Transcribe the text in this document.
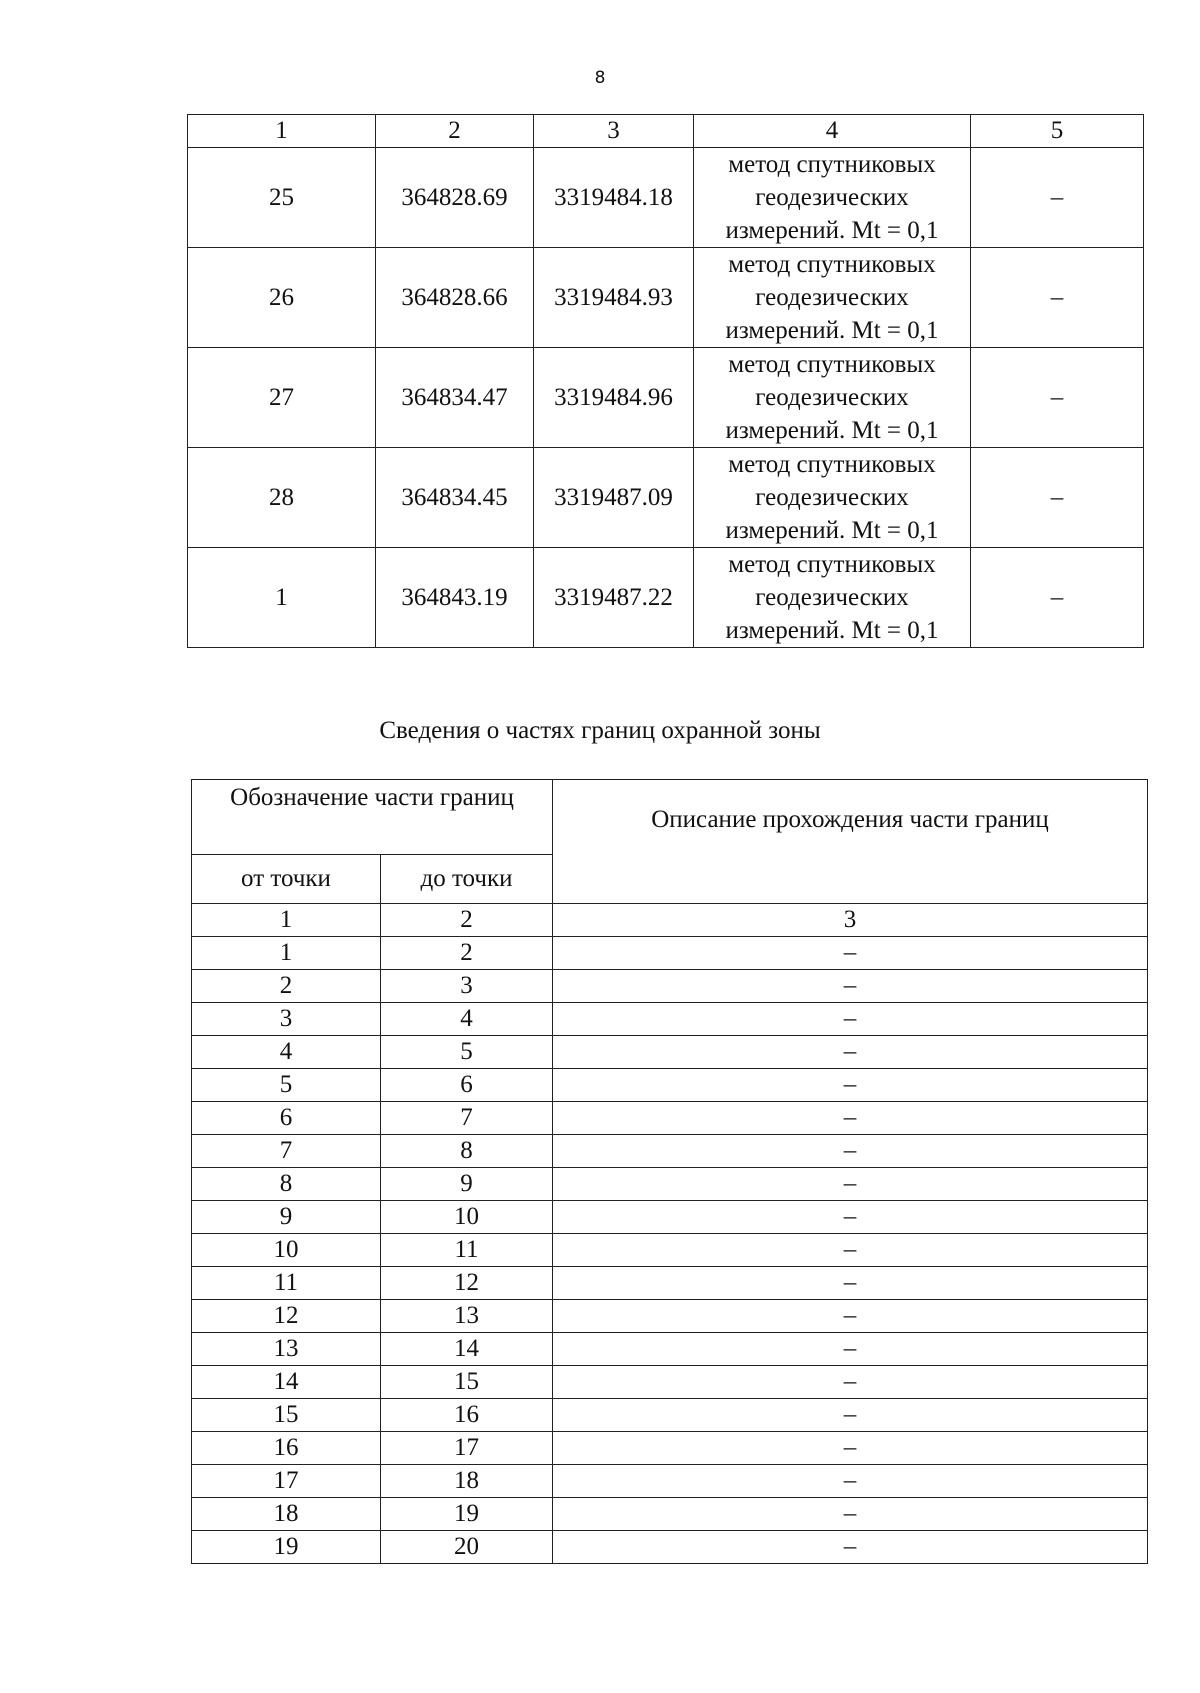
8
1	2	3	4	5
25	364828.69	3319484.18	метод спутниковых
геодезических
измерений. Mt = 0,1	–
26	364828.66	3319484.93	метод спутниковых
геодезических
измерений. Mt = 0,1	–
27	364834.47	3319484.96	метод спутниковых
геодезических
измерений. Mt = 0,1	–
28	364834.45	3319487.09	метод спутниковых
геодезических
измерений. Mt = 0,1	–
1	364843.19	3319487.22	метод спутниковых
геодезических
измерений. Mt = 0,1	–
Сведения о частях границ охранной зоны
Обозначение части границ		Описание прохождения части границ
от точки	до точки	
1	2	3
1	2	–
2	3	–
3	4	–
4	5	–
5	6	–
6	7	–
7	8	–
8	9	–
9	10	–
10	11	–
11	12	–
12	13	–
13	14	–
14	15	–
15	16	–
16	17	–
17	18	–
18	19	–
19	20	–
